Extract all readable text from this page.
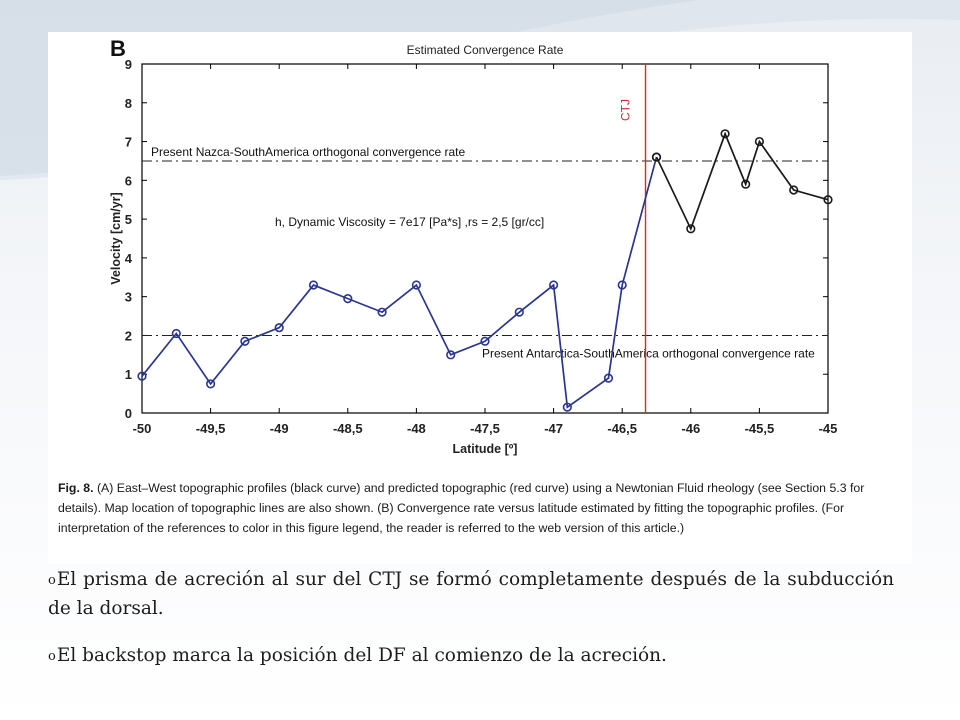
0
1
2
3
4
5
6
7
8
9
-50	-49,5	-49	-48,5	-48	-47,5	-47	-46,5	-46	-45,5	-45
B	Estimated Convergence Rate
Latitude [º]
Velocity [cm/yr]
Present Nazca-SouthAmerica orthogonal convergence rate
h, Dynamic Viscosity = 7e17 [Pa*s] ,rs = 2,5 [gr/cc]
Present Antarctica-SouthAmerica orthogonal convergence rate
CTJ
Fig. 8. (A) East–West topographic profiles (black curve) and predicted topographic (red curve) using a Newtonian Fluid rheology (see Section 5.3 for details). Map location of topographic lines are also shown. (B) Convergence rate versus latitude estimated by fitting the topographic profiles. (For interpretation of the references to color in this figure legend, the reader is referred to the web version of this article.)
oEl prisma de acreción al sur del CTJ se formó completamente después de la subducción de la dorsal.
oEl backstop marca la posición del DF al comienzo de la acreción.
